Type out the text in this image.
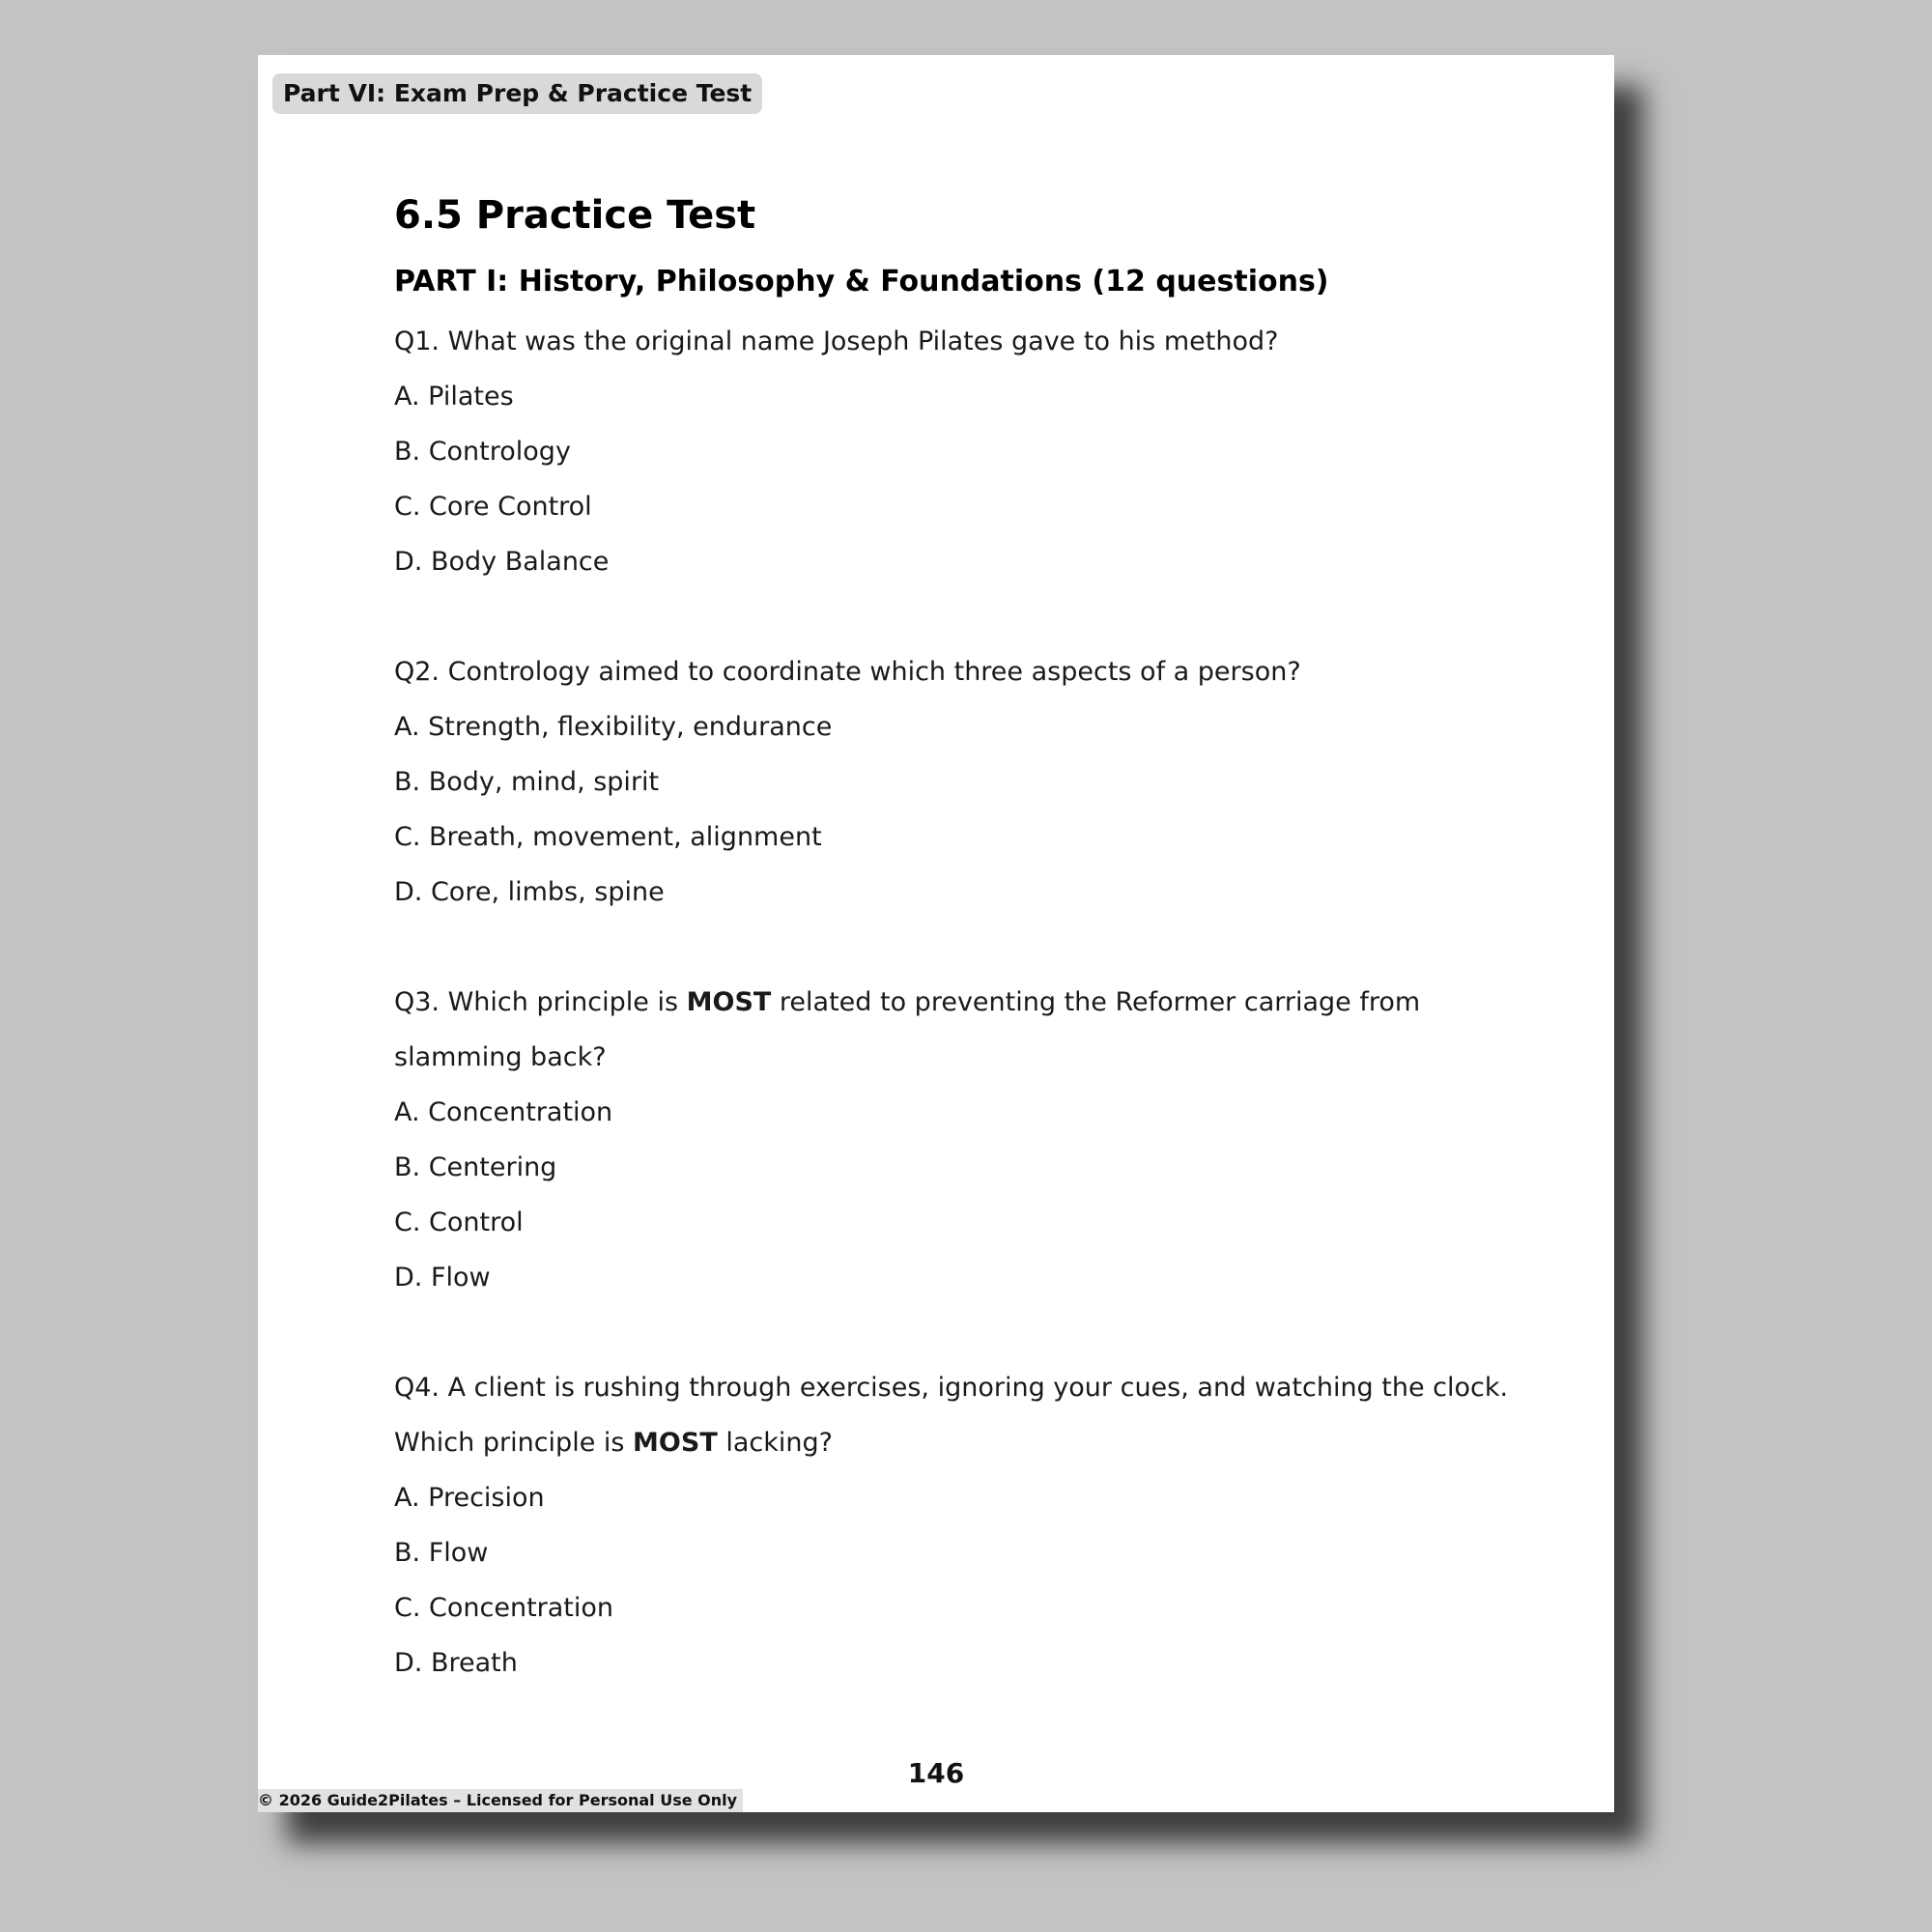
Part VI: Exam Prep & Practice Test
6.5 Practice Test
PART I: History, Philosophy & Foundations (12 questions)
Q1. What was the original name Joseph Pilates gave to his method?
A. Pilates
B. Contrology
C. Core Control
D. Body Balance
Q2. Contrology aimed to coordinate which three aspects of a person?
A. Strength, flexibility, endurance
B. Body, mind, spirit
C. Breath, movement, alignment
D. Core, limbs, spine
Q3. Which principle is MOST related to preventing the Reformer carriage from slamming back?
A. Concentration
B. Centering
C. Control
D. Flow
Q4. A client is rushing through exercises, ignoring your cues, and watching the clock. Which principle is MOST lacking?
A. Precision
B. Flow
C. Concentration
D. Breath
146
© 2026 Guide2Pilates – Licensed for Personal Use Only
